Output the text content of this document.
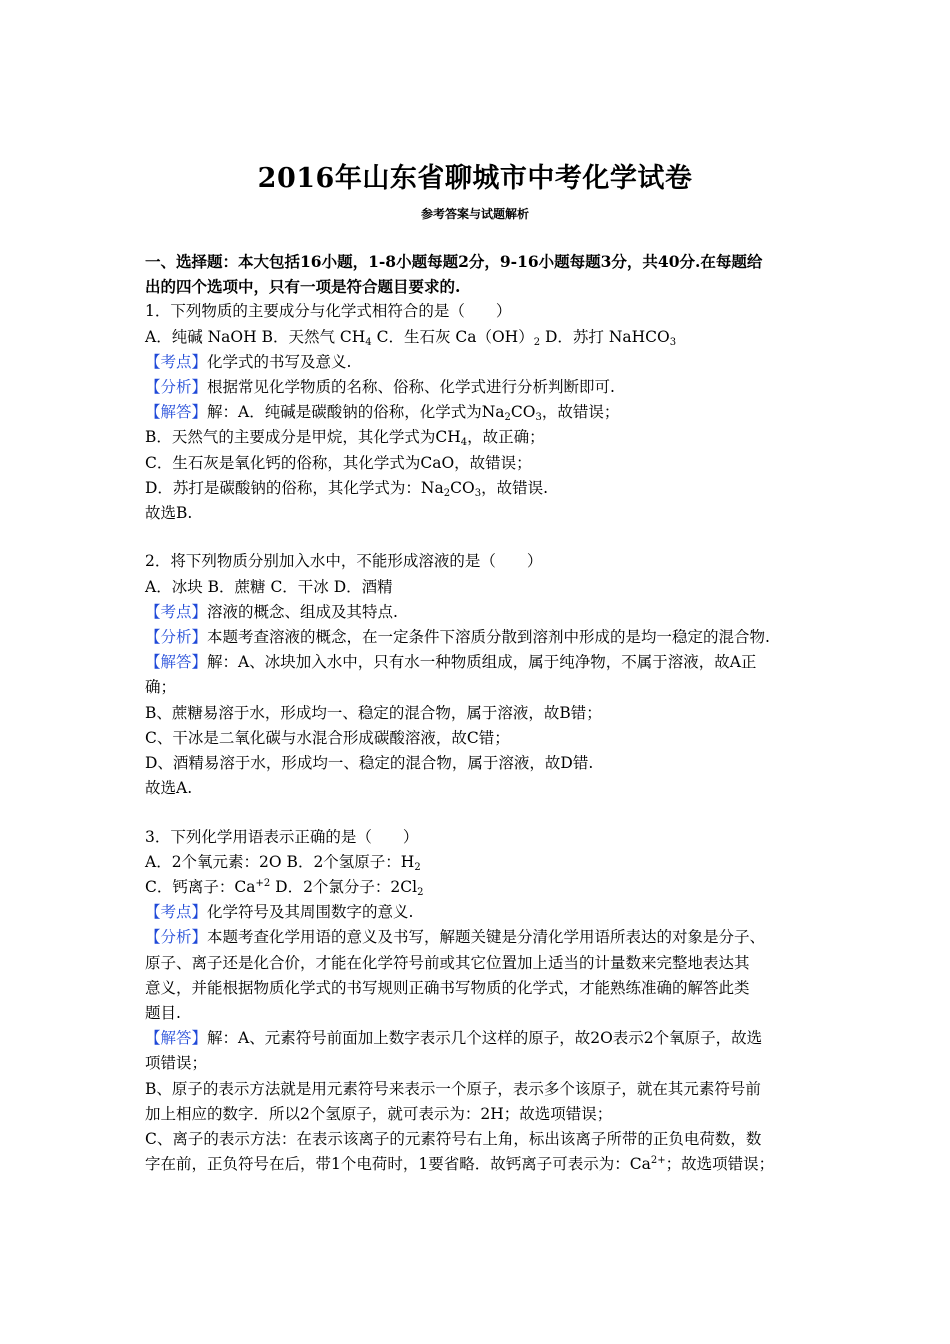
2016年山东省聊城市中考化学试卷
参考答案与试题解析
一、选择题：本大包括16小题，1-8小题每题2分，9-16小题每题3分，共40分.在每题给
出的四个选项中，只有一项是符合题目要求的.
1．下列物质的主要成分与化学式相符合的是（　　）
A．纯碱 NaOH B．天然气 $CH_4$ C．生石灰 $Ca(OH)_2$ D．苏打 NaHCO$_3$
【考点】化学式的书写及意义.
【分析】根据常见化学物质的名称、俗称、化学式进行分析判断即可.
【解答】解：A．纯碱是碳酸钠的俗称，化学式为$Na_2CO_3$，故错误；
B．天然气的主要成分是甲烷，其化学式为$CH_4$，故正确；
C．生石灰是氧化钙的俗称，其化学式为CaO，故错误；
D．苏打是碳酸钠的俗称，其化学式为：$Na_2CO_3$，故错误.
故选B.
2．将下列物质分别加入水中，不能形成溶液的是（　　）
A．冰块 B．蔗糖 C．干冰 D．酒精
【考点】溶液的概念、组成及其特点.
【分析】本题考查溶液的概念，在一定条件下溶质分散到溶剂中形成的是均一稳定的混合物.
【解答】解：A、冰块加入水中，只有水一种物质组成，属于纯净物，不属于溶液，故A正
确；
B、蔗糖易溶于水，形成均一、稳定的混合物，属于溶液，故B错；
C、干冰是二氧化碳与水混合形成碳酸溶液，故C错；
D、酒精易溶于水，形成均一、稳定的混合物，属于溶液，故D错.
故选A.
3．下列化学用语表示正确的是（　　）
A．2个氧元素：2O B．2个氢原子：$H_2$
C．钙离子：$Ca^{+2}$ D．2个氯分子：$2Cl_2$
【考点】化学符号及其周围数字的意义.
【分析】本题考查化学用语的意义及书写，解题关键是分清化学用语所表达的对象是分子、
原子、离子还是化合价，才能在化学符号前或其它位置加上适当的计量数来完整地表达其
意义，并能根据物质化学式的书写规则正确书写物质的化学式，才能熟练准确的解答此类
题目.
【解答】解：A、元素符号前面加上数字表示几个这样的原子，故2O表示2个氧原子，故选
项错误；
B、原子的表示方法就是用元素符号来表示一个原子，表示多个该原子，就在其元素符号前
加上相应的数字．所以2个氢原子，就可表示为：2H；故选项错误；
C、离子的表示方法：在表示该离子的元素符号右上角，标出该离子所带的正负电荷数，数
字在前，正负符号在后，带1个电荷时，1要省略．故钙离子可表示为：$Ca^{2+}$；故选项错误；
